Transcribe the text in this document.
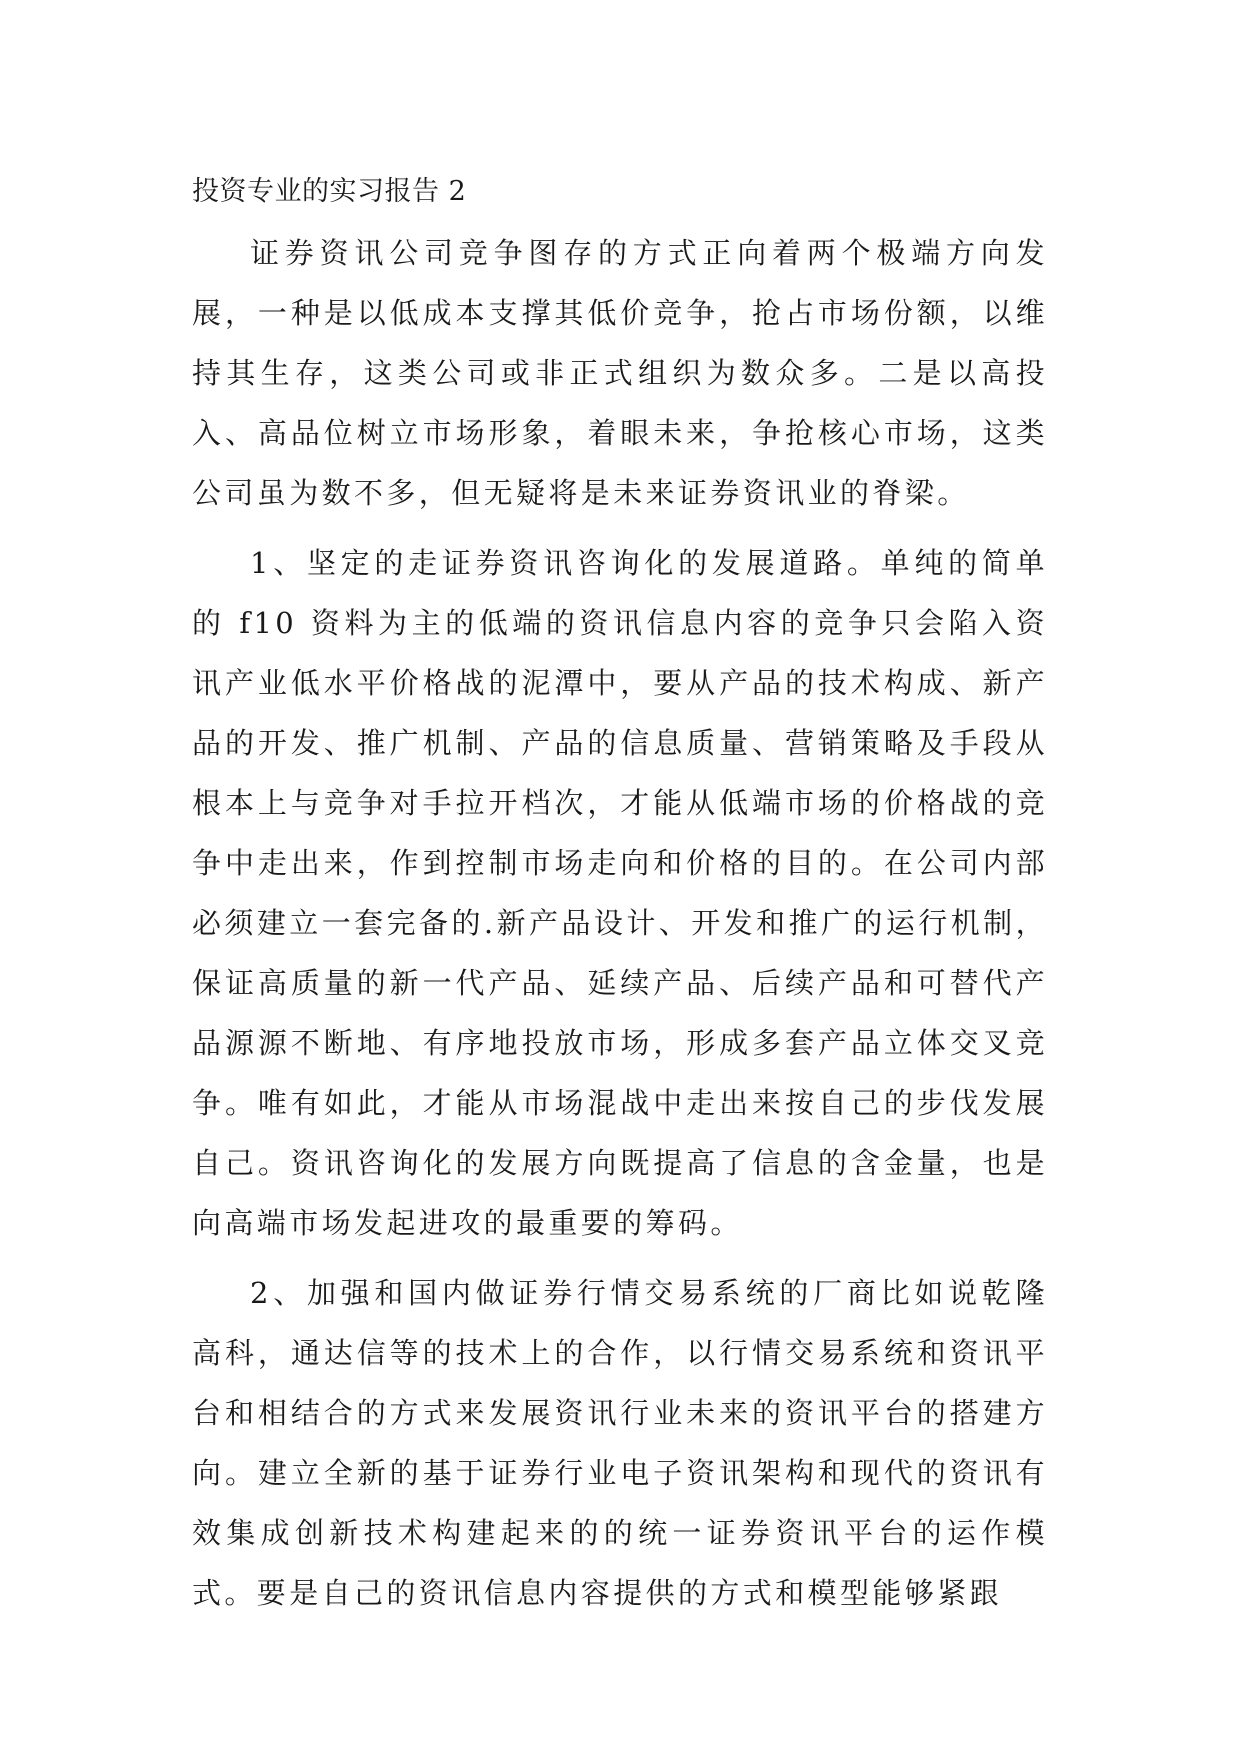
投资专业的实习报告 2

证券资讯公司竞争图存的方式正向着两个极端方向发展，一种是以低成本支撑其低价竞争，抢占市场份额，以维持其生存，这类公司或非正式组织为数众多。二是以高投入、高品位树立市场形象，着眼未来，争抢核心市场，这类公司虽为数不多，但无疑将是未来证券资讯业的脊梁。

1、坚定的走证券资讯咨询化的发展道路。单纯的简单的 f10 资料为主的低端的资讯信息内容的竞争只会陷入资讯产业低水平价格战的泥潭中，要从产品的技术构成、新产品的开发、推广机制、产品的信息质量、营销策略及手段从根本上与竞争对手拉开档次，才能从低端市场的价格战的竞争中走出来，作到控制市场走向和价格的目的。在公司内部必须建立一套完备的.新产品设计、开发和推广的运行机制，保证高质量的新一代产品、延续产品、后续产品和可替代产品源源不断地、有序地投放市场，形成多套产品立体交叉竞争。唯有如此，才能从市场混战中走出来按自己的步伐发展自己。资讯咨询化的发展方向既提高了信息的含金量，也是向高端市场发起进攻的最重要的筹码。

2、加强和国内做证券行情交易系统的厂商比如说乾隆高科，通达信等的技术上的合作，以行情交易系统和资讯平台和相结合的方式来发展资讯行业未来的资讯平台的搭建方向。建立全新的基于证券行业电子资讯架构和现代的资讯有效集成创新技术构建起来的的统一证券资讯平台的运作模式。要是自己的资讯信息内容提供的方式和模型能够紧跟
